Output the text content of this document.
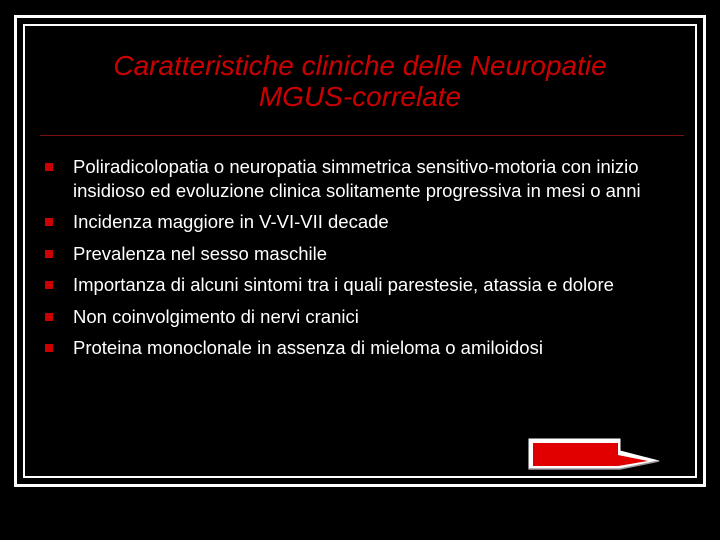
Caratteristiche cliniche delle Neuropatie
MGUS-correlate
Poliradicolopatia o neuropatia simmetrica sensitivo-motoria con inizio insidioso ed evoluzione clinica solitamente progressiva in mesi o anni
Incidenza maggiore in V-VI-VII decade
Prevalenza nel sesso maschile
Importanza di alcuni sintomi tra i quali parestesie, atassia e dolore
Non coinvolgimento di nervi cranici
Proteina monoclonale in assenza di mieloma o amiloidosi
